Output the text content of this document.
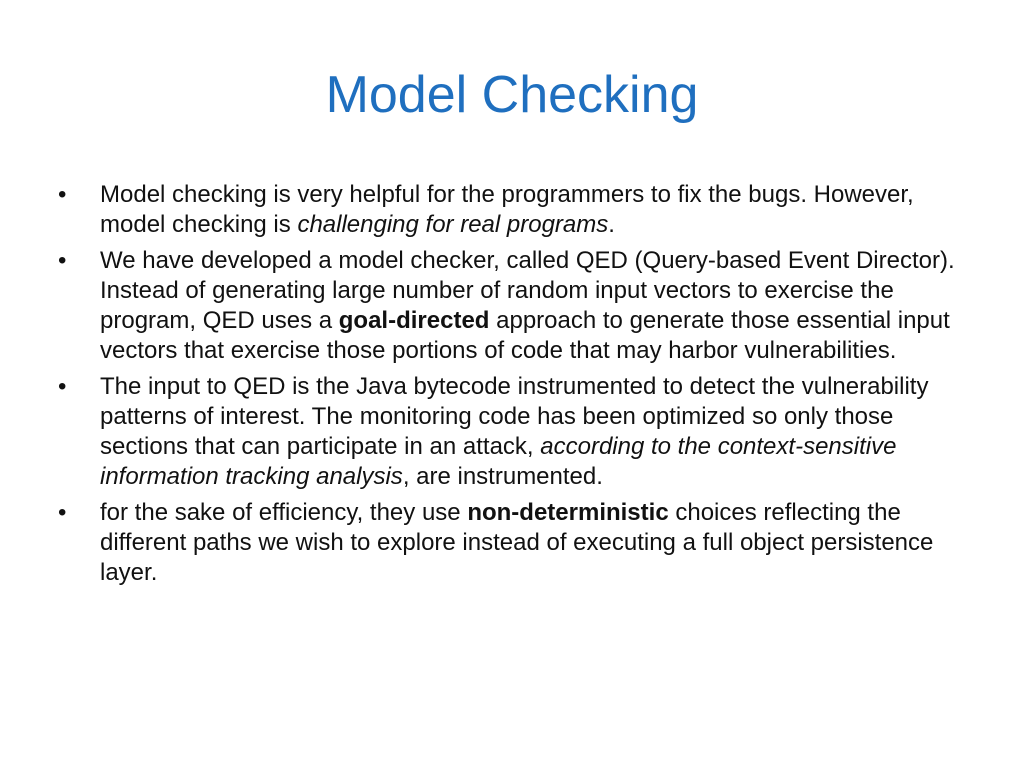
Model Checking
•	Model checking is very helpful for the programmers to fix the bugs. However, model checking is challenging for real programs.
•	We have developed a model checker, called QED (Query-based Event Director). Instead of generating large number of random input vectors to exercise the program, QED uses a goal-directed approach to generate those essential input vectors that exercise those portions of code that may harbor vulnerabilities.
•	The input to QED is the Java bytecode instrumented to detect the vulnerability patterns of interest. The monitoring code has been optimized so only those sections that can participate in an attack, according to the context-sensitive information tracking analysis, are instrumented.
•	for the sake of efficiency, they use non-deterministic choices reflecting the different paths we wish to explore instead of executing a full object persistence layer.
